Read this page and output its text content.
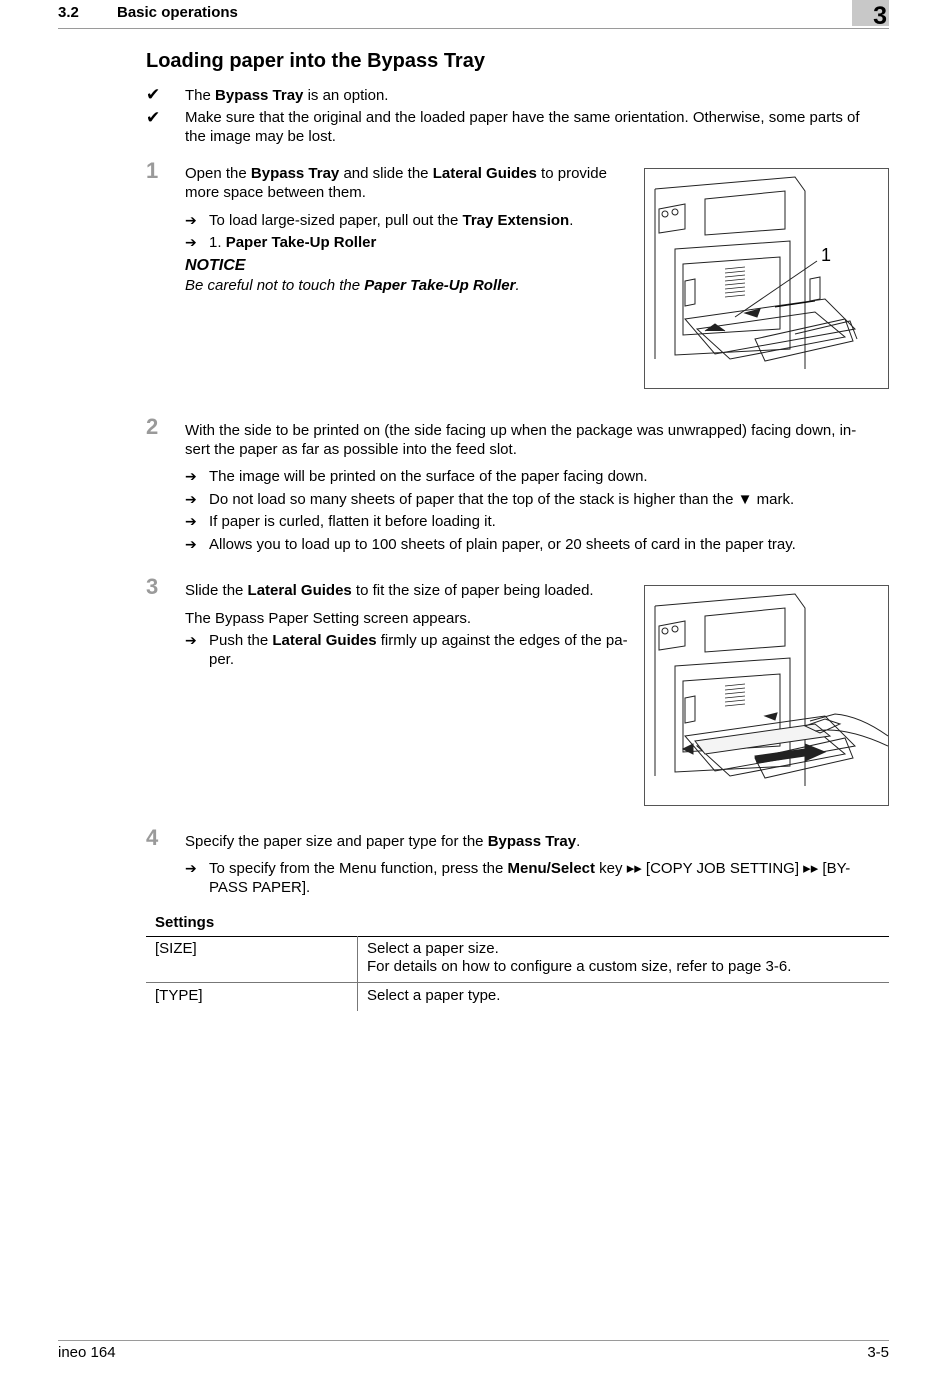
3.2	Basic operations	3
Loading paper into the Bypass Tray
✔ The Bypass Tray is an option.
✔ Make sure that the original and the loaded paper have the same orientation. Otherwise, some parts of
the image may be lost.
1 Open the Bypass Tray and slide the Lateral Guides to provide
more space between them.
➔ To load large-sized paper, pull out the Tray Extension.
➔ 1. Paper Take-Up Roller
NOTICE
Be careful not to touch the Paper Take-Up Roller.
1
2 With the side to be printed on (the side facing up when the package was unwrapped) facing down, in-
sert the paper as far as possible into the feed slot.
➔ The image will be printed on the surface of the paper facing down.
➔ Do not load so many sheets of paper that the top of the stack is higher than the ▼ mark.
➔ If paper is curled, flatten it before loading it.
➔ Allows you to load up to 100 sheets of plain paper, or 20 sheets of card in the paper tray.
3 Slide the Lateral Guides to fit the size of paper being loaded.
The Bypass Paper Setting screen appears.
➔ Push the Lateral Guides firmly up against the edges of the pa-
per.
4 Specify the paper size and paper type for the Bypass Tray.
➔ To specify from the Menu function, press the Menu/Select key ▸▸ [COPY JOB SETTING] ▸▸ [BY-
PASS PAPER].
Settings
[SIZE]	Select a paper size.
For details on how to configure a custom size, refer to page 3-6.

[TYPE]	Select a paper type.
ineo 164	3-5
